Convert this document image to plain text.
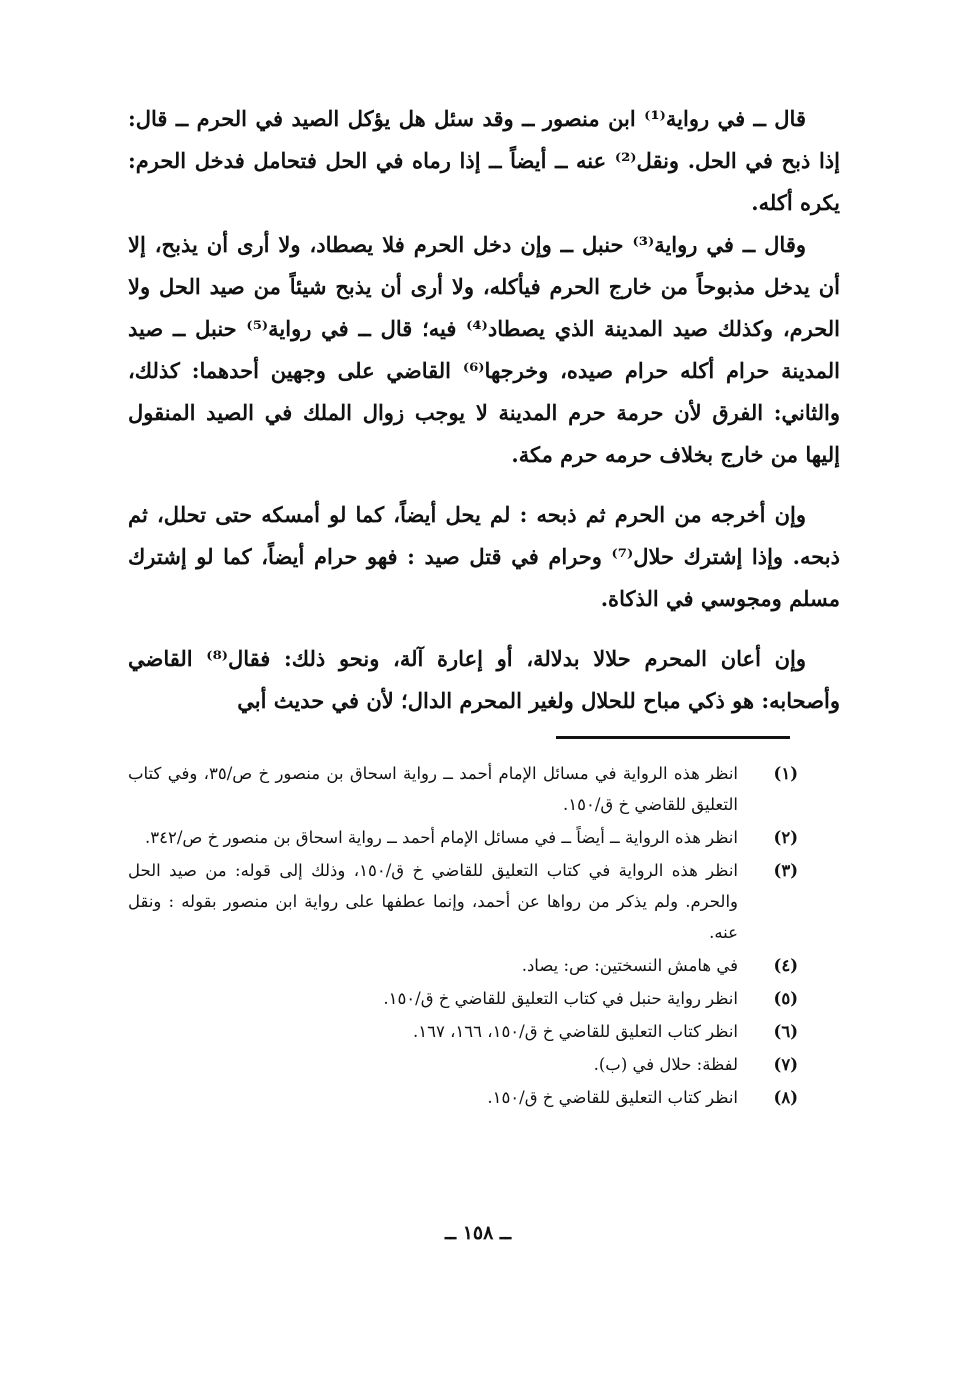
قال ــ في رواية⁽¹⁾ ابن منصور ــ وقد سئل هل يؤكل الصيد في الحرم ــ قال: إذا ذبح في الحل. ونقل⁽²⁾ عنه ــ أيضاً ــ إذا رماه في الحل فتحامل فدخل الحرم: يكره أكله.

وقال ــ في رواية⁽³⁾ حنبل ــ وإن دخل الحرم فلا يصطاد، ولا أرى أن يذبح، إلا أن يدخل مذبوحاً من خارج الحرم فيأكله، ولا أرى أن يذبح شيئاً من صيد الحل ولا الحرم، وكذلك صيد المدينة الذي يصطاد⁽⁴⁾ فيه؛ قال ــ في رواية⁽⁵⁾ حنبل ــ صيد المدينة حرام أكله حرام صيده، وخرجها⁽⁶⁾ القاضي على وجهين أحدهما: كذلك، والثاني: الفرق لأن حرمة حرم المدينة لا يوجب زوال الملك في الصيد المنقول إليها من خارج بخلاف حرمه حرم مكة.

وإن أخرجه من الحرم ثم ذبحه : لم يحل أيضاً، كما لو أمسكه حتى تحلل، ثم ذبحه. وإذا إشترك حلال⁽⁷⁾ وحرام في قتل صيد : فهو حرام أيضاً، كما لو إشترك مسلم ومجوسي في الذكاة.

وإن أعان المحرم حلالا بدلالة، أو إعارة آلة، ونحو ذلك: فقال⁽⁸⁾ القاضي وأصحابه: هو ذكي مباح للحلال ولغير المحرم الدال؛ لأن في حديث أبي

(١)
انظر هذه الرواية في مسائل الإمام أحمد ــ رواية اسحاق بن منصور خ ص/٣٥، وفي كتاب التعليق للقاضي خ ق/١٥٠.
(٢)
انظر هذه الرواية ــ أيضاً ــ في مسائل الإمام أحمد ــ رواية اسحاق بن منصور خ ص/٣٤٢.
(٣)
انظر هذه الرواية في كتاب التعليق للقاضي خ ق/١٥٠، وذلك إلى قوله: من صيد الحل والحرم. ولم يذكر من رواها عن أحمد، وإنما عطفها على رواية ابن منصور بقوله : ونقل عنه.
(٤)
في هامش النسختين: ص: يصاد.
(٥)
انظر رواية حنبل في كتاب التعليق للقاضي خ ق/١٥٠.
(٦)
انظر كتاب التعليق للقاضي خ ق/١٥٠، ١٦٦، ١٦٧.
(٧)
لفظة: حلال في (ب).
(٨)
انظر كتاب التعليق للقاضي خ ق/١٥٠.
ــ ١٥٨ ــ
